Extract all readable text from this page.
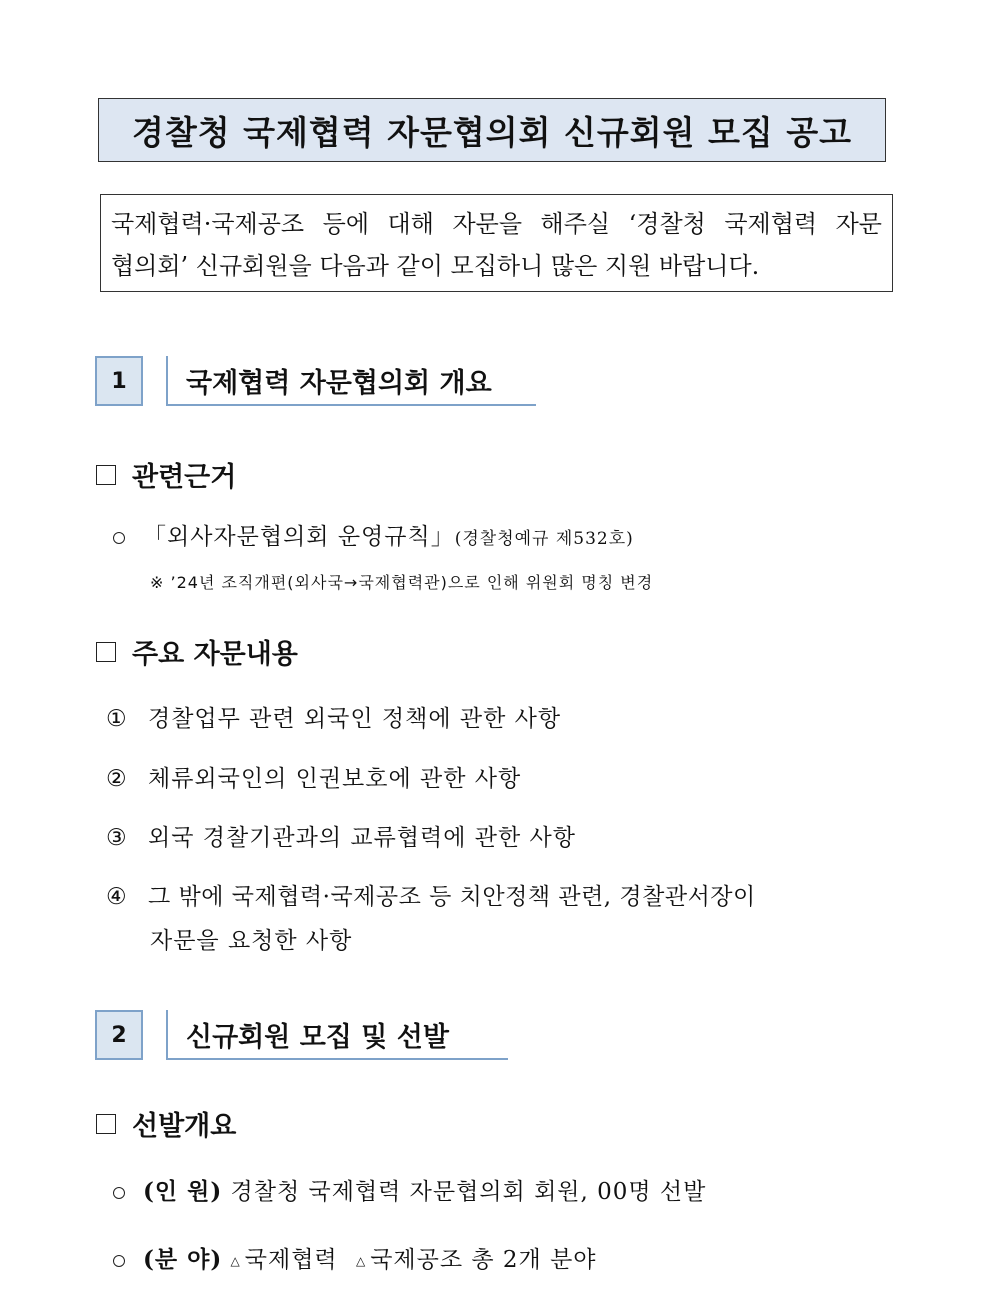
경찰청 국제협력 자문협의회 신규회원 모집 공고
국제협력·국제공조 등에 대해 자문을 해주실 ‘경찰청 국제협력 자문
협의회’ 신규회원을 다음과 같이 모집하니 많은 지원 바랍니다.
1	국제협력 자문협의회 개요
관련근거
「외사자문협의회 운영규칙」(경찰청예규 제532호)
※ ’24년 조직개편(외사국→국제협력관)으로 인해 위원회 명칭 변경
주요 자문내용
① 경찰업무 관련 외국인 정책에 관한 사항
② 체류외국인의 인권보호에 관한 사항
③ 외국 경찰기관과의 교류협력에 관한 사항
④ 그 밖에 국제협력·국제공조 등 치안정책 관련, 경찰관서장이
자문을 요청한 사항
2	신규회원 모집 및 선발
선발개요
(인 원) 경찰청 국제협력 자문협의회 회원, 00명 선발
(분 야) △ 국제협력 △ 국제공조 총 2개 분야
